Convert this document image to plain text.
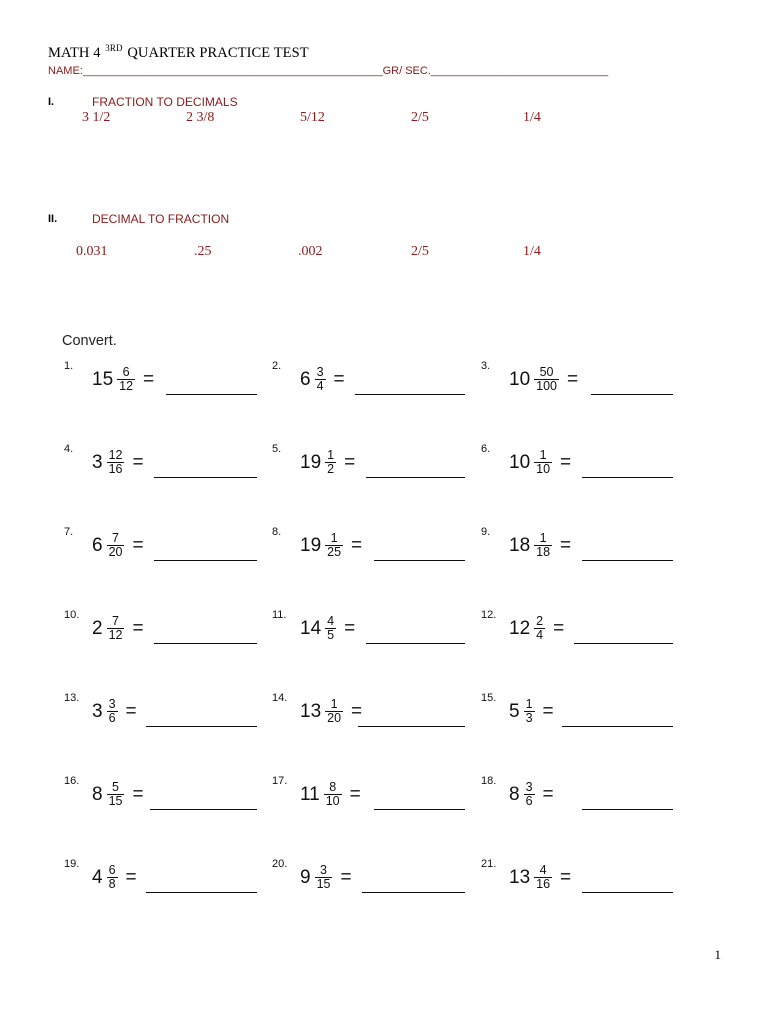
MATH 4 $^{3RD}$ QUARTER PRACTICE TEST
NAME:_________________________________________________GR/ SEC._____________________________
I.	FRACTION TO DECIMALS
3 1/2	2 3/8	5/12	2/5	1/4
II.	DECIMAL TO FRACTION
0.031	.25	.002	2/5	1/4
Convert.
1.
$15 \frac{6}{12}$ =
2.
$6 \frac{3}{4}$ =
3.
$10 \frac{50}{100}$ =
4.
$3 \frac{12}{16}$ =
5.
$19 \frac{1}{2}$ =
6.
$10 \frac{1}{10}$ =
7.
$6 \frac{7}{20}$ =
8.
$19 \frac{1}{25}$ =
9.
$18 \frac{1}{18}$ =
10.
$2 \frac{7}{12}$ =
11.
$14 \frac{4}{5}$ =
12.
$12 \frac{2}{4}$ =
13.
$3 \frac{3}{6}$ =
14.
$13 \frac{1}{20}$ =
15.
$5 \frac{1}{3}$ =
16.
$8 \frac{5}{15}$ =
17.
$11 \frac{8}{10}$ =
18.
$8 \frac{3}{6}$ =
19.
$4 \frac{6}{8}$ =
20.
$9 \frac{3}{15}$ =
21.
$13 \frac{4}{16}$ =
1
